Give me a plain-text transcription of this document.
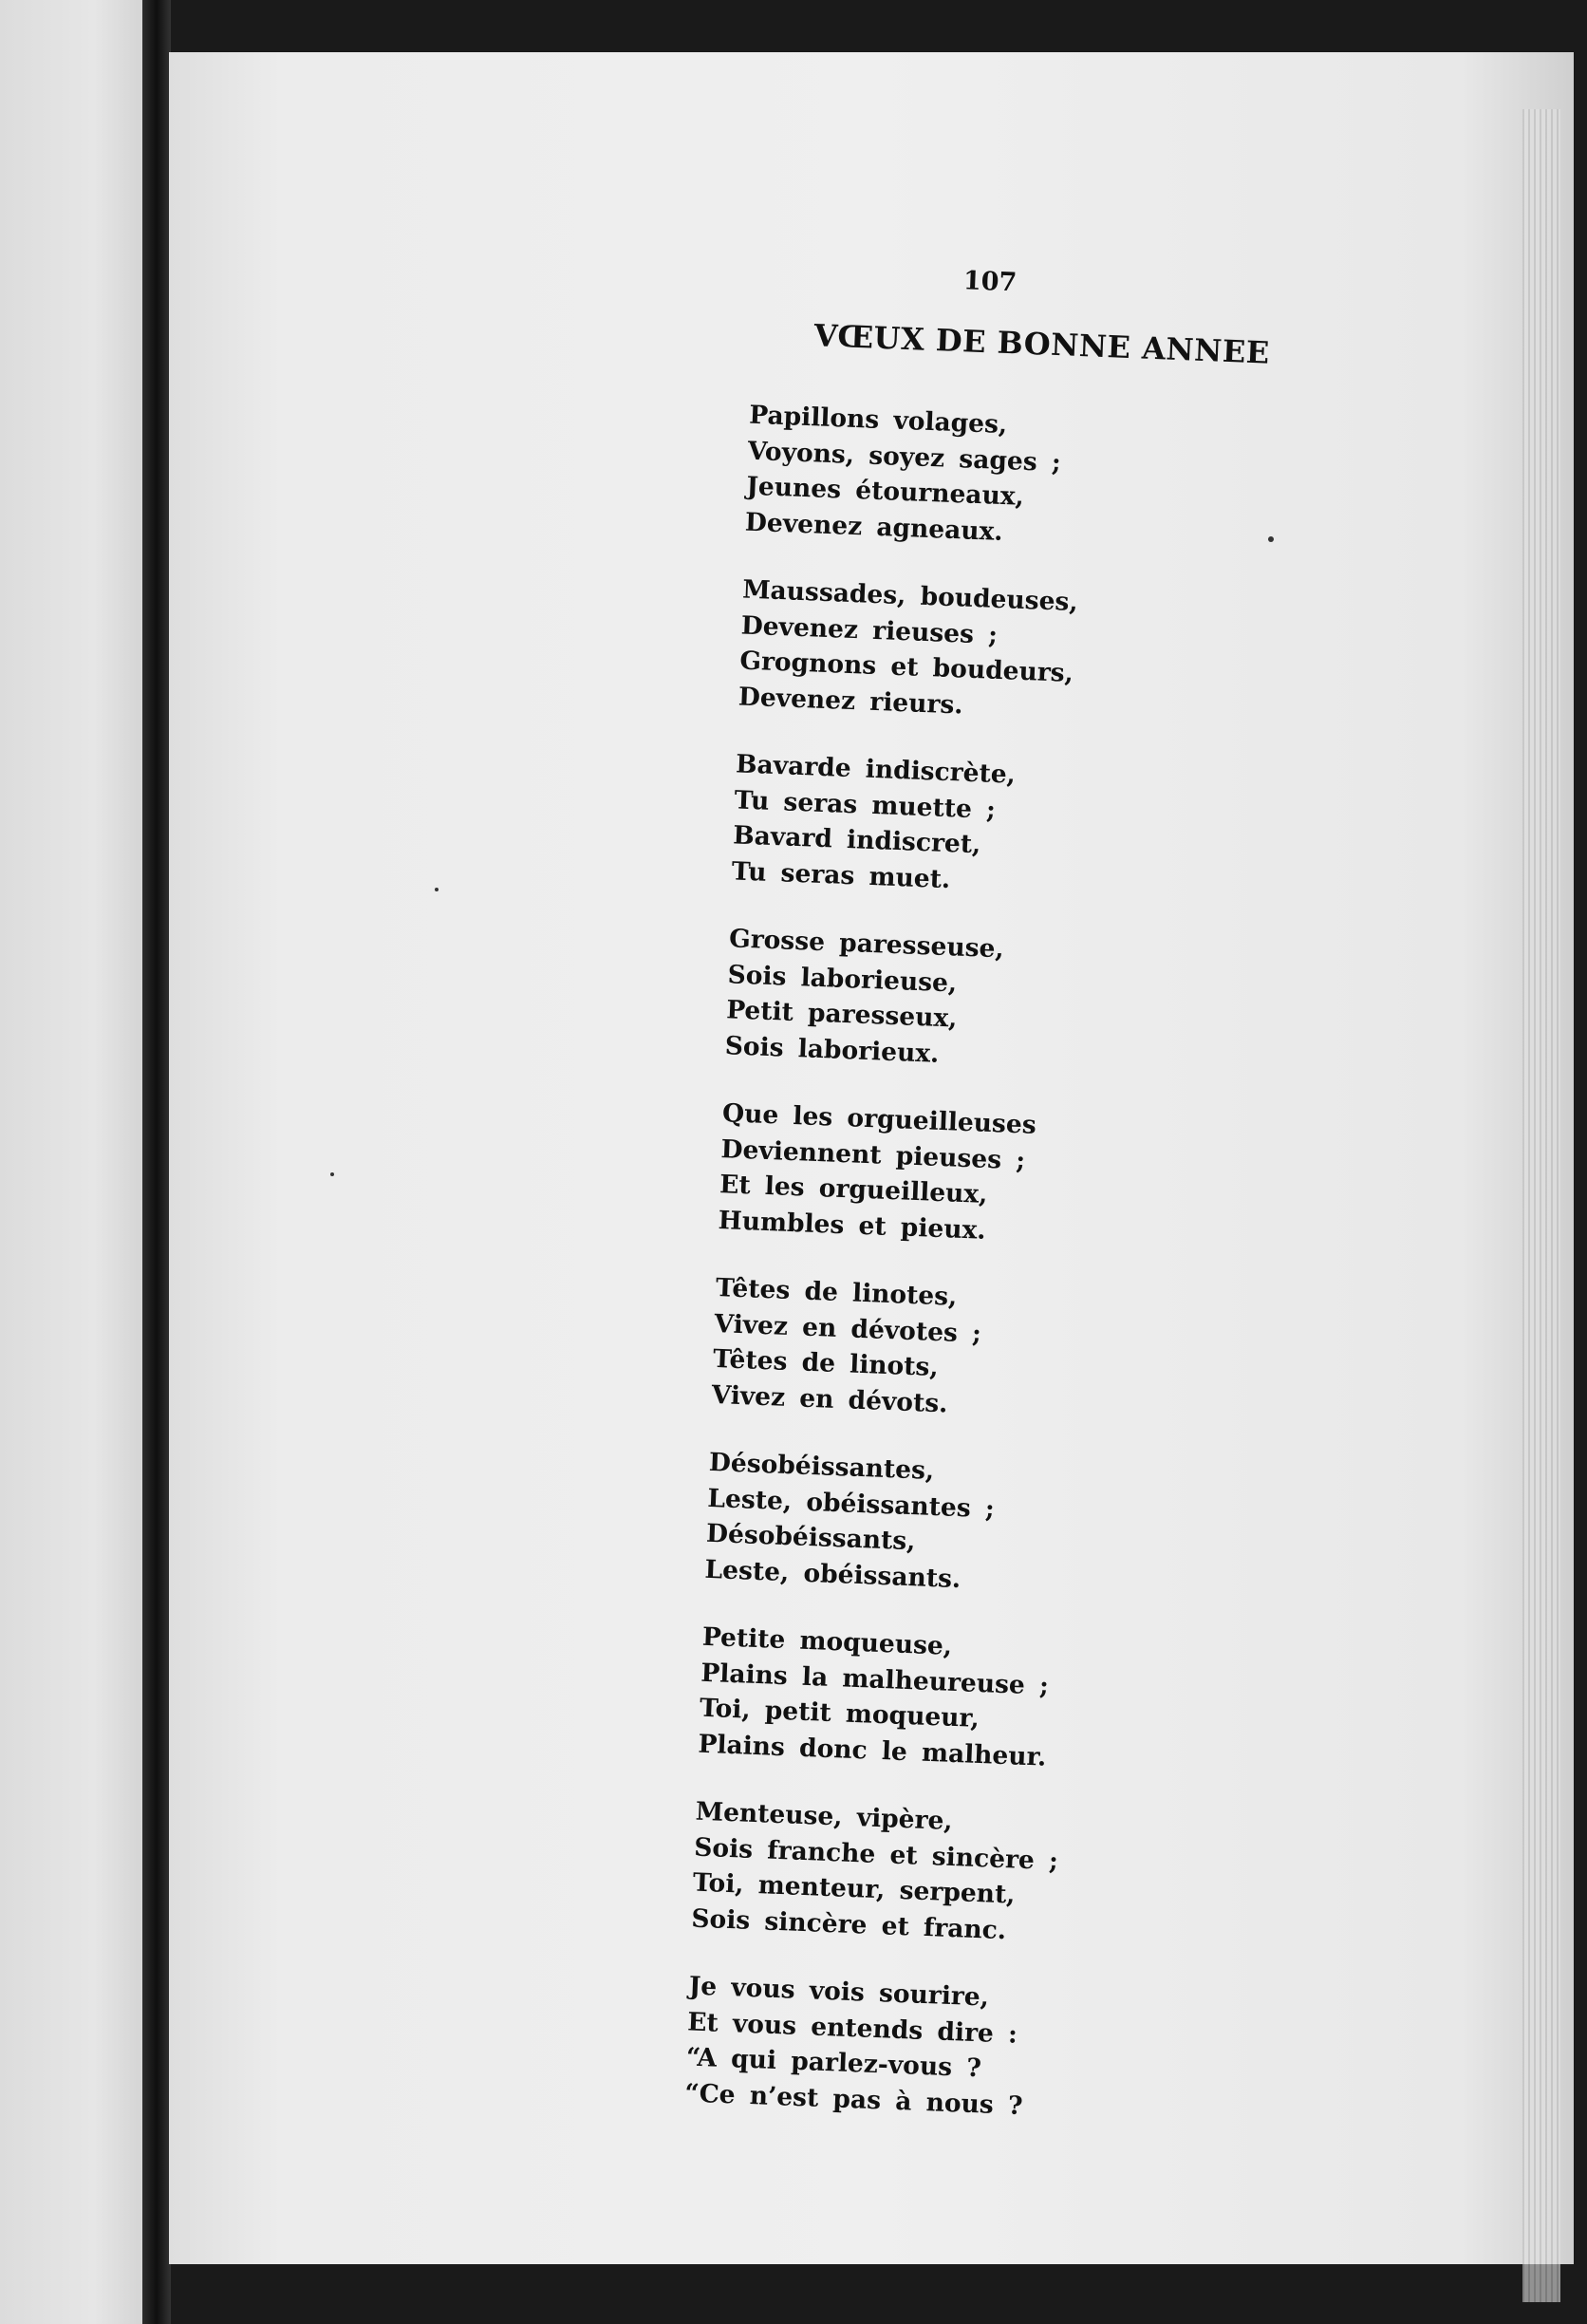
107
VŒUX DE BONNE ANNEE
Papillons volages,
Voyons, soyez sages ;
Jeunes étourneaux,
Devenez agneaux.
Maussades, boudeuses,
Devenez rieuses ;
Grognons et boudeurs,
Devenez rieurs.
Bavarde indiscrète,
Tu seras muette ;
Bavard indiscret,
Tu seras muet.
Grosse paresseuse,
Sois laborieuse,
Petit paresseux,
Sois laborieux.
Que les orgueilleuses
Deviennent pieuses ;
Et les orgueilleux,
Humbles et pieux.
Têtes de linotes,
Vivez en dévotes ;
Têtes de linots,
Vivez en dévots.
Désobéissantes,
Leste, obéissantes ;
Désobéissants,
Leste, obéissants.
Petite moqueuse,
Plains la malheureuse ;
Toi, petit moqueur,
Plains donc le malheur.
Menteuse, vipère,
Sois franche et sincère ;
Toi, menteur, serpent,
Sois sincère et franc.
Je vous vois sourire,
Et vous entends dire :
“A qui parlez-vous ?
“Ce n’est pas à nous ?
